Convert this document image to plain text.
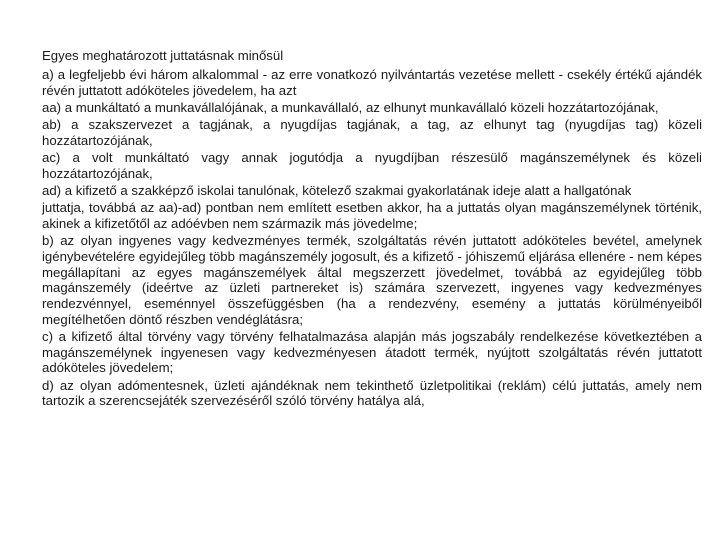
Egyes meghatározott juttatásnak minősül

a) a legfeljebb évi három alkalommal - az erre vonatkozó nyilvántartás vezetése mellett - csekély értékű ajándék révén juttatott adóköteles jövedelem, ha azt

aa) a munkáltató a munkavállalójának, a munkavállaló, az elhunyt munkavállaló közeli hozzátartozójának,

ab) a szakszervezet a tagjának, a nyugdíjas tagjának, a tag, az elhunyt tag (nyugdíjas tag) közeli hozzátartozójának,

ac) a volt munkáltató vagy annak jogutódja a nyugdíjban részesülő magánszemélynek és közeli hozzátartozójának,

ad) a kifizető a szakképző iskolai tanulónak, kötelező szakmai gyakorlatának ideje alatt a hallgatónak

juttatja, továbbá az aa)-ad) pontban nem említett esetben akkor, ha a juttatás olyan magánszemélynek történik, akinek a kifizetőtől az adóévben nem származik más jövedelme;

b) az olyan ingyenes vagy kedvezményes termék, szolgáltatás révén juttatott adóköteles bevétel, amelynek igénybevételére egyidejűleg több magánszemély jogosult, és a kifizető - jóhiszemű eljárása ellenére - nem képes megállapítani az egyes magánszemélyek által megszerzett jövedelmet, továbbá az egyidejűleg több magánszemély (ideértve az üzleti partnereket is) számára szervezett, ingyenes vagy kedvezményes rendezvénnyel, eseménnyel összefüggésben (ha a rendezvény, esemény a juttatás körülményeiből megítélhetően döntő részben vendéglátásra;

c) a kifizető által törvény vagy törvény felhatalmazása alapján más jogszabály rendelkezése következtében a magánszemélynek ingyenesen vagy kedvezményesen átadott termék, nyújtott szolgáltatás révén juttatott adóköteles jövedelem;

d) az olyan adómentesnek, üzleti ajándéknak nem tekinthető üzletpolitikai (reklám) célú juttatás, amely nem tartozik a szerencsejáték szervezéséről szóló törvény hatálya alá,
